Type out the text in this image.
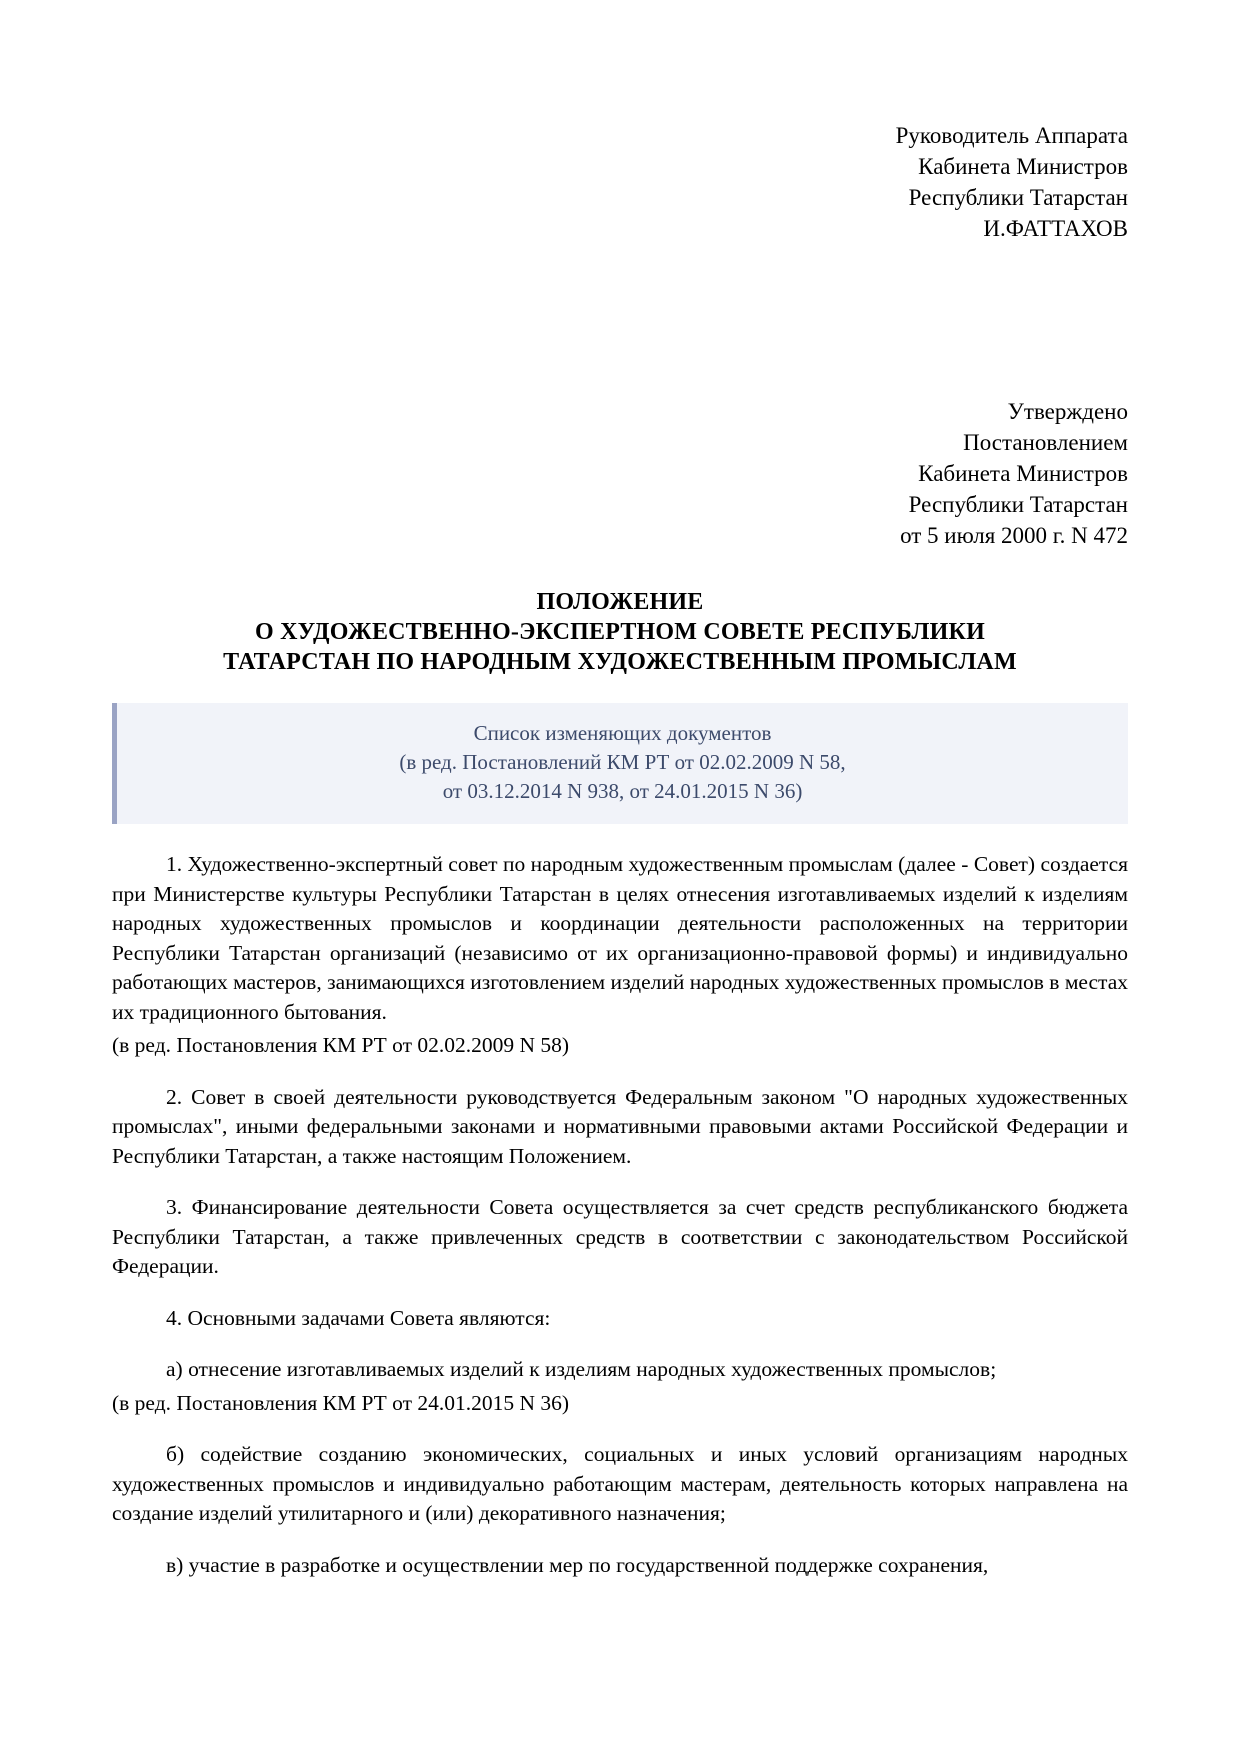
Руководитель Аппарата
Кабинета Министров
Республики Татарстан
И.ФАТТАХОВ
Утверждено
Постановлением
Кабинета Министров
Республики Татарстан
от 5 июля 2000 г. N 472
ПОЛОЖЕНИЕ
О ХУДОЖЕСТВЕННО-ЭКСПЕРТНОМ СОВЕТЕ РЕСПУБЛИКИ
ТАТАРСТАН ПО НАРОДНЫМ ХУДОЖЕСТВЕННЫМ ПРОМЫСЛАМ
Список изменяющих документов
(в ред. Постановлений КМ РТ от 02.02.2009 N 58,
от 03.12.2014 N 938, от 24.01.2015 N 36)

1. Художественно-экспертный совет по народным художественным промыслам (далее - Совет) создается при Министерстве культуры Республики Татарстан в целях отнесения изготавливаемых изделий к изделиям народных художественных промыслов и координации деятельности расположенных на территории Республики Татарстан организаций (независимо от их организационно-правовой формы) и индивидуально работающих мастеров, занимающихся изготовлением изделий народных художественных промыслов в местах их традиционного бытования.

(в ред. Постановления КМ РТ от 02.02.2009 N 58)

2. Совет в своей деятельности руководствуется Федеральным законом "О народных художественных промыслах", иными федеральными законами и нормативными правовыми актами Российской Федерации и Республики Татарстан, а также настоящим Положением.

3. Финансирование деятельности Совета осуществляется за счет средств республиканского бюджета Республики Татарстан, а также привлеченных средств в соответствии с законодательством Российской Федерации.

4. Основными задачами Совета являются:

а) отнесение изготавливаемых изделий к изделиям народных художественных промыслов;

(в ред. Постановления КМ РТ от 24.01.2015 N 36)

б) содействие созданию экономических, социальных и иных условий организациям народных художественных промыслов и индивидуально работающим мастерам, деятельность которых направлена на создание изделий утилитарного и (или) декоративного назначения;

в) участие в разработке и осуществлении мер по государственной поддержке сохранения,
